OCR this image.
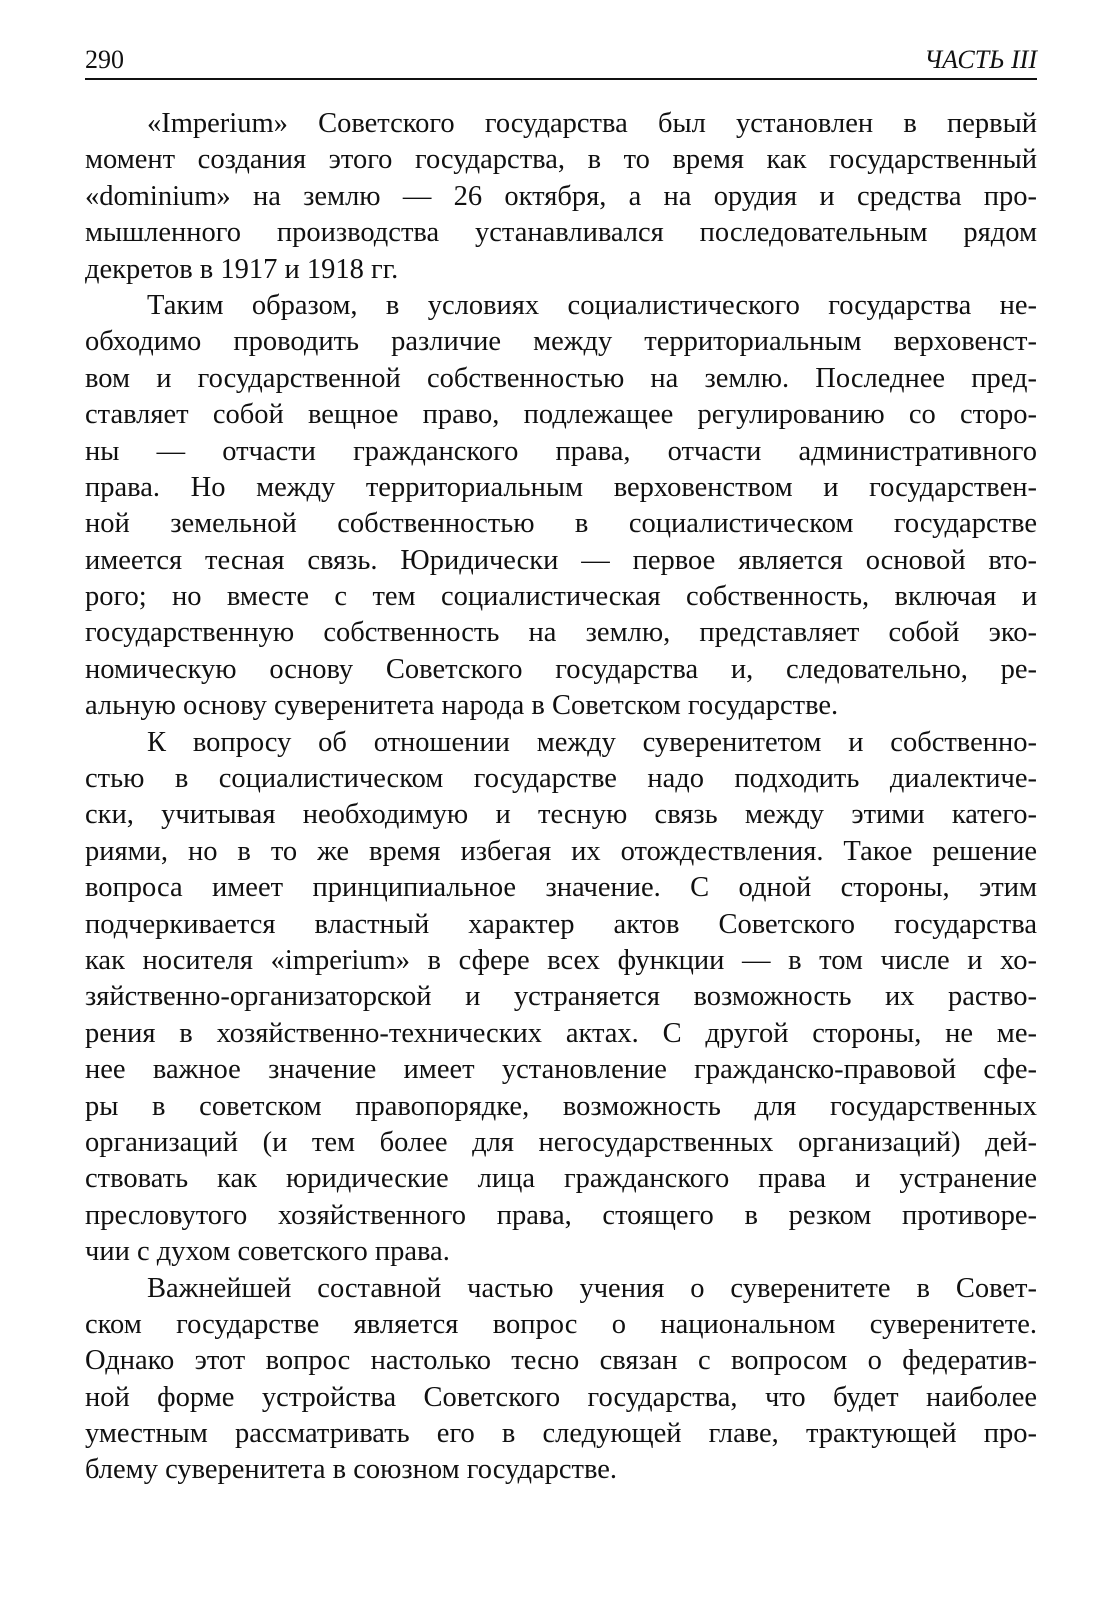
290	ЧАСТЬ III
«Imperium» Советского государства был установлен в первый
момент создания этого государства, в то время как государственный
«dominium» на землю — 26 октября, а на орудия и средства про-
мышленного производства устанавливался последовательным рядом
декретов в 1917 и 1918 гг.
Таким образом, в условиях социалистического государства не-
обходимо проводить различие между территориальным верховенст-
вом и государственной собственностью на землю. Последнее пред-
ставляет собой вещное право, подлежащее регулированию со сторо-
ны — отчасти гражданского права, отчасти административного
права. Но между территориальным верховенством и государствен-
ной земельной собственностью в социалистическом государстве
имеется тесная связь. Юридически — первое является основой вто-
рого; но вместе с тем социалистическая собственность, включая и
государственную собственность на землю, представляет собой эко-
номическую основу Советского государства и, следовательно, ре-
альную основу суверенитета народа в Советском государстве.
К вопросу об отношении между суверенитетом и собственно-
стью в социалистическом государстве надо подходить диалектиче-
ски, учитывая необходимую и тесную связь между этими катего-
риями, но в то же время избегая их отождествления. Такое решение
вопроса имеет принципиальное значение. С одной стороны, этим
подчеркивается властный характер актов Советского государства
как носителя «imperium» в сфере всех функции — в том числе и хо-
зяйственно-организаторской и устраняется возможность их раство-
рения в хозяйственно-технических актах. С другой стороны, не ме-
нее важное значение имеет установление гражданско-правовой сфе-
ры в советском правопорядке, возможность для государственных
организаций (и тем более для негосударственных организаций) дей-
ствовать как юридические лица гражданского права и устранение
пресловутого хозяйственного права, стоящего в резком противоре-
чии с духом советского права.
Важнейшей составной частью учения о суверенитете в Совет-
ском государстве является вопрос о национальном суверенитете.
Однако этот вопрос настолько тесно связан с вопросом о федератив-
ной форме устройства Советского государства, что будет наиболее
уместным рассматривать его в следующей главе, трактующей про-
блему суверенитета в союзном государстве.
